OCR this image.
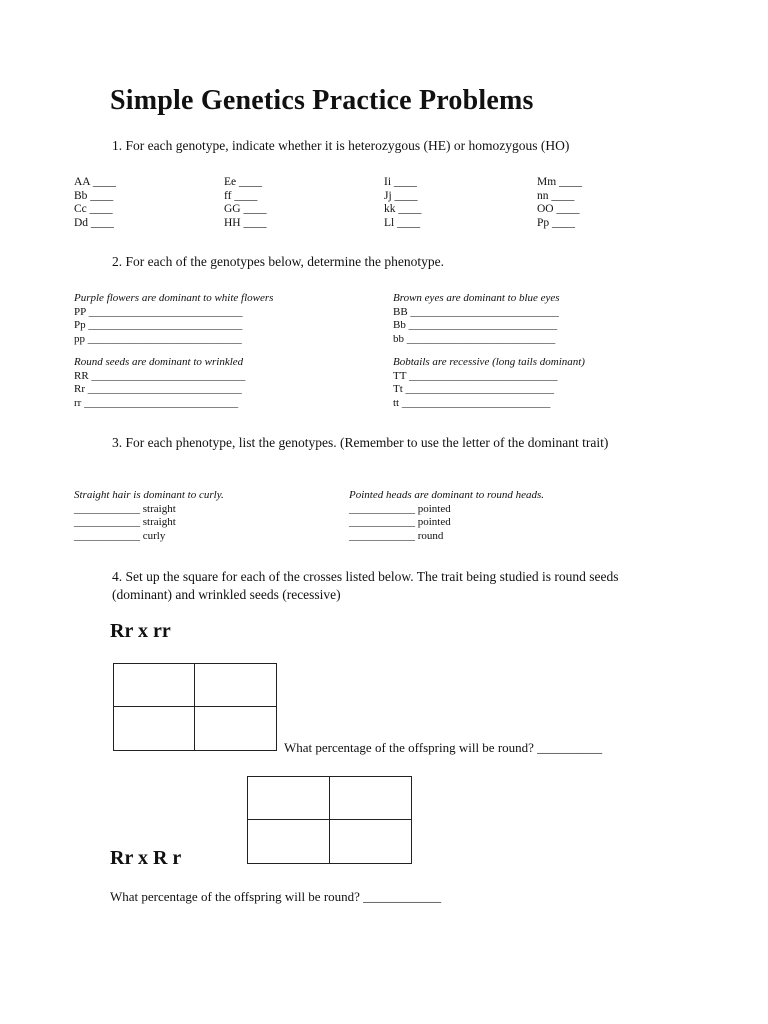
Simple Genetics Practice Problems
1. For each genotype, indicate whether it is heterozygous (HE) or homozygous (HO)
AA ____
Bb ____
Cc ____
Dd ____
Ee ____
ff ____
GG ____
HH ____
Ii ____
Jj ____
kk ____
Ll ____
Mm ____
nn ____
OO ____
Pp ____
2. For each of the genotypes below, determine the phenotype.
Purple flowers are dominant to white flowers
PP ____________________________
Pp ____________________________
pp ____________________________
Brown eyes are dominant to blue eyes
BB ___________________________
Bb ___________________________
bb ___________________________
Round seeds are dominant to wrinkled
RR ____________________________
Rr ____________________________
rr ____________________________
Bobtails are recessive (long tails dominant)
TT ___________________________
Tt ___________________________
tt ___________________________
3. For each phenotype, list the genotypes. (Remember to use the letter of the dominant trait)
Straight hair is dominant to curly.
____________ straight
____________ straight
____________ curly
Pointed heads are dominant to round heads.
____________ pointed
____________ pointed
____________ round
4. Set up the square for each of the crosses listed below. The trait being studied is round seeds (dominant) and wrinkled seeds (recessive)
Rr x rr
What percentage of the offspring will be round? __________
Rr x R r
What percentage of the offspring will be round? ____________
